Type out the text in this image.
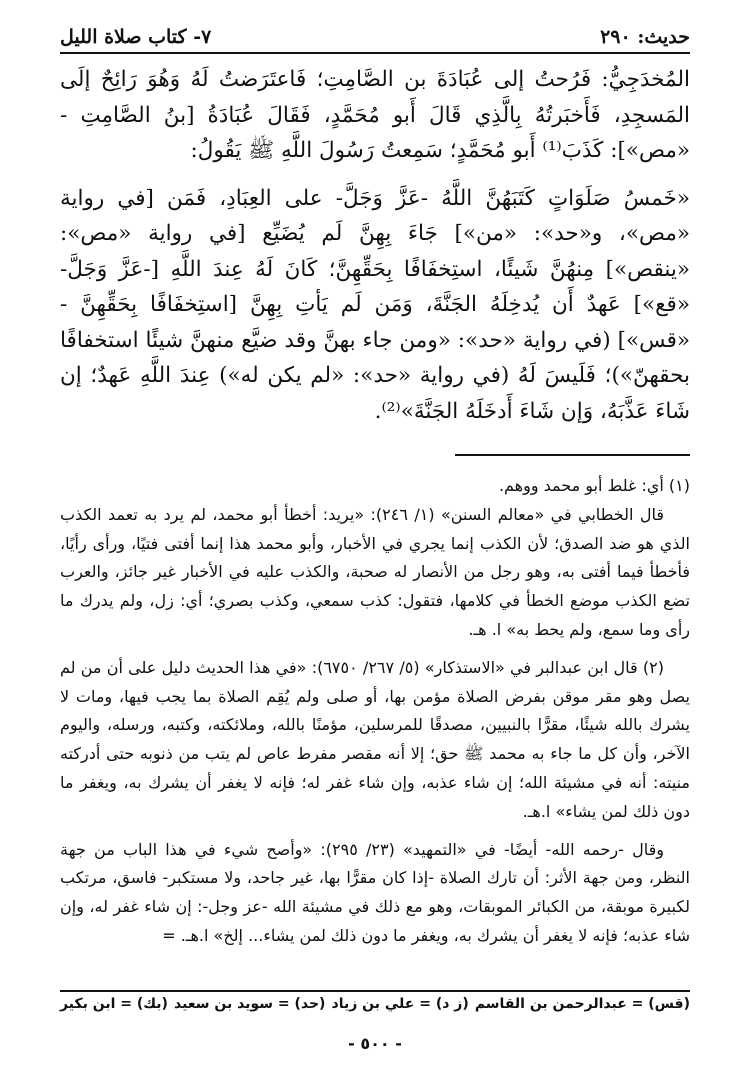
حديث: ٢٩٠
٧- كتاب صلاة الليل

المُخدَجِيُّ: فَرُحتُ إلى عُبَادَةَ بن الصَّامِتِ؛ فَاعتَرَضتُ لَهُ وَهُوَ رَائِحٌ إلَى المَسجِدِ، فَأَخبَرتُهُ بِالَّذِي قَالَ أَبو مُحَمَّدٍ، فَقَالَ عُبَادَةُ [بنُ الصَّامِتِ - «مص»]: كَذَبَ⁽¹⁾ أَبو مُحَمَّدٍ؛ سَمِعتُ رَسُولَ اللَّهِ ﷺ يَقُولُ:

«خَمسُ صَلَوَاتٍ كَتَبَهُنَّ اللَّهُ -عَزَّ وَجَلَّ- على العِبَادِ، فَمَن [في رواية «مص»، و«حد»: «من»] جَاءَ بِهِنَّ لَم يُضَيِّع [في رواية «مص»: «ينقص»] مِنهُنَّ شَيئًا، استِخفَافًا بِحَقِّهِنَّ؛ كَانَ لَهُ عِندَ اللَّهِ [-عَزَّ وَجَلَّ- «قع»] عَهدٌ أَن يُدخِلَهُ الجَنَّةَ، وَمَن لَم يَأتِ بِهِنَّ [استِخفَافًا بِحَقِّهِنَّ - «قس»] (في رواية «حد»: «ومن جاء بهنَّ وقد ضيَّع منهنَّ شيئًا استخفافًا بحقهنّ»)؛ فَلَيسَ لَهُ (في رواية «حد»: «لم يكن له») عِندَ اللَّهِ عَهدٌ؛ إن شَاءَ عَذَّبَهُ، وَإن شَاءَ أَدخَلَهُ الجَنَّةَ»⁽²⁾.

(١) أي: غلط أبو محمد ووهم.

قال الخطابي في «معالم السنن» (١/ ٢٤٦): «يريد: أخطأ أبو محمد، لم يرد به تعمد الكذب الذي هو ضد الصدق؛ لأن الكذب إنما يجري في الأخبار، وأبو محمد هذا إنما أفتى فتيًا، ورأى رأيًا، فأخطأ فيما أفتى به، وهو رجل من الأنصار له صحبة، والكذب عليه في الأخبار غير جائز، والعرب تضع الكذب موضع الخطأ في كلامها، فتقول: كذب سمعي، وكذب بصري؛ أي: زل، ولم يدرك ما رأى وما سمع، ولم يحط به» ا. هـ.

(٢) قال ابن عبدالبر في «الاستذكار» (٥/ ٢٦٧/ ٦٧٥٠): «في هذا الحديث دليل على أن من لم يصل وهو مقر موقن بفرض الصلاة مؤمن بها، أو صلى ولم يُقِم الصلاة بما يجب فيها، ومات لا يشرك بالله شيئًا، مقرًّا بالنبيين، مصدقًا للمرسلين، مؤمنًا بالله، وملائكته، وكتبه، ورسله، واليوم الآخر، وأن كل ما جاء به محمد ﷺ حق؛ إلا أنه مقصر مفرط عاص لم يتب من ذنوبه حتى أدركته منيته: أنه في مشيئة الله؛ إن شاء عذبه، وإن شاء غفر له؛ فإنه لا يغفر أن يشرك به، ويغفر ما دون ذلك لمن يشاء» ا.هـ.

وقال -رحمه الله- أيضًا- في «التمهيد» (٢٣/ ٢٩٥): «وأصح شيء في هذا الباب من جهة النظر، ومن جهة الأثر: أن تارك الصلاة -إذا كان مقرًّا بها، غير جاحد، ولا مستكبر- فاسق، مرتكب لكبيرة موبقة، من الكبائر الموبقات، وهو مع ذلك في مشيئة الله -عز وجل-: إن شاء غفر له، وإن شاء عذبه؛ فإنه لا يغفر أن يشرك به، ويغفر ما دون ذلك لمن يشاء... إلخ» ا.هـ. =

(قس) = عبدالرحمن بن القاسم
(ز د) = علي بن زياد
(حد) = سويد بن سعيد
(بك) = ابن بكير
- ٥٠٠ -
